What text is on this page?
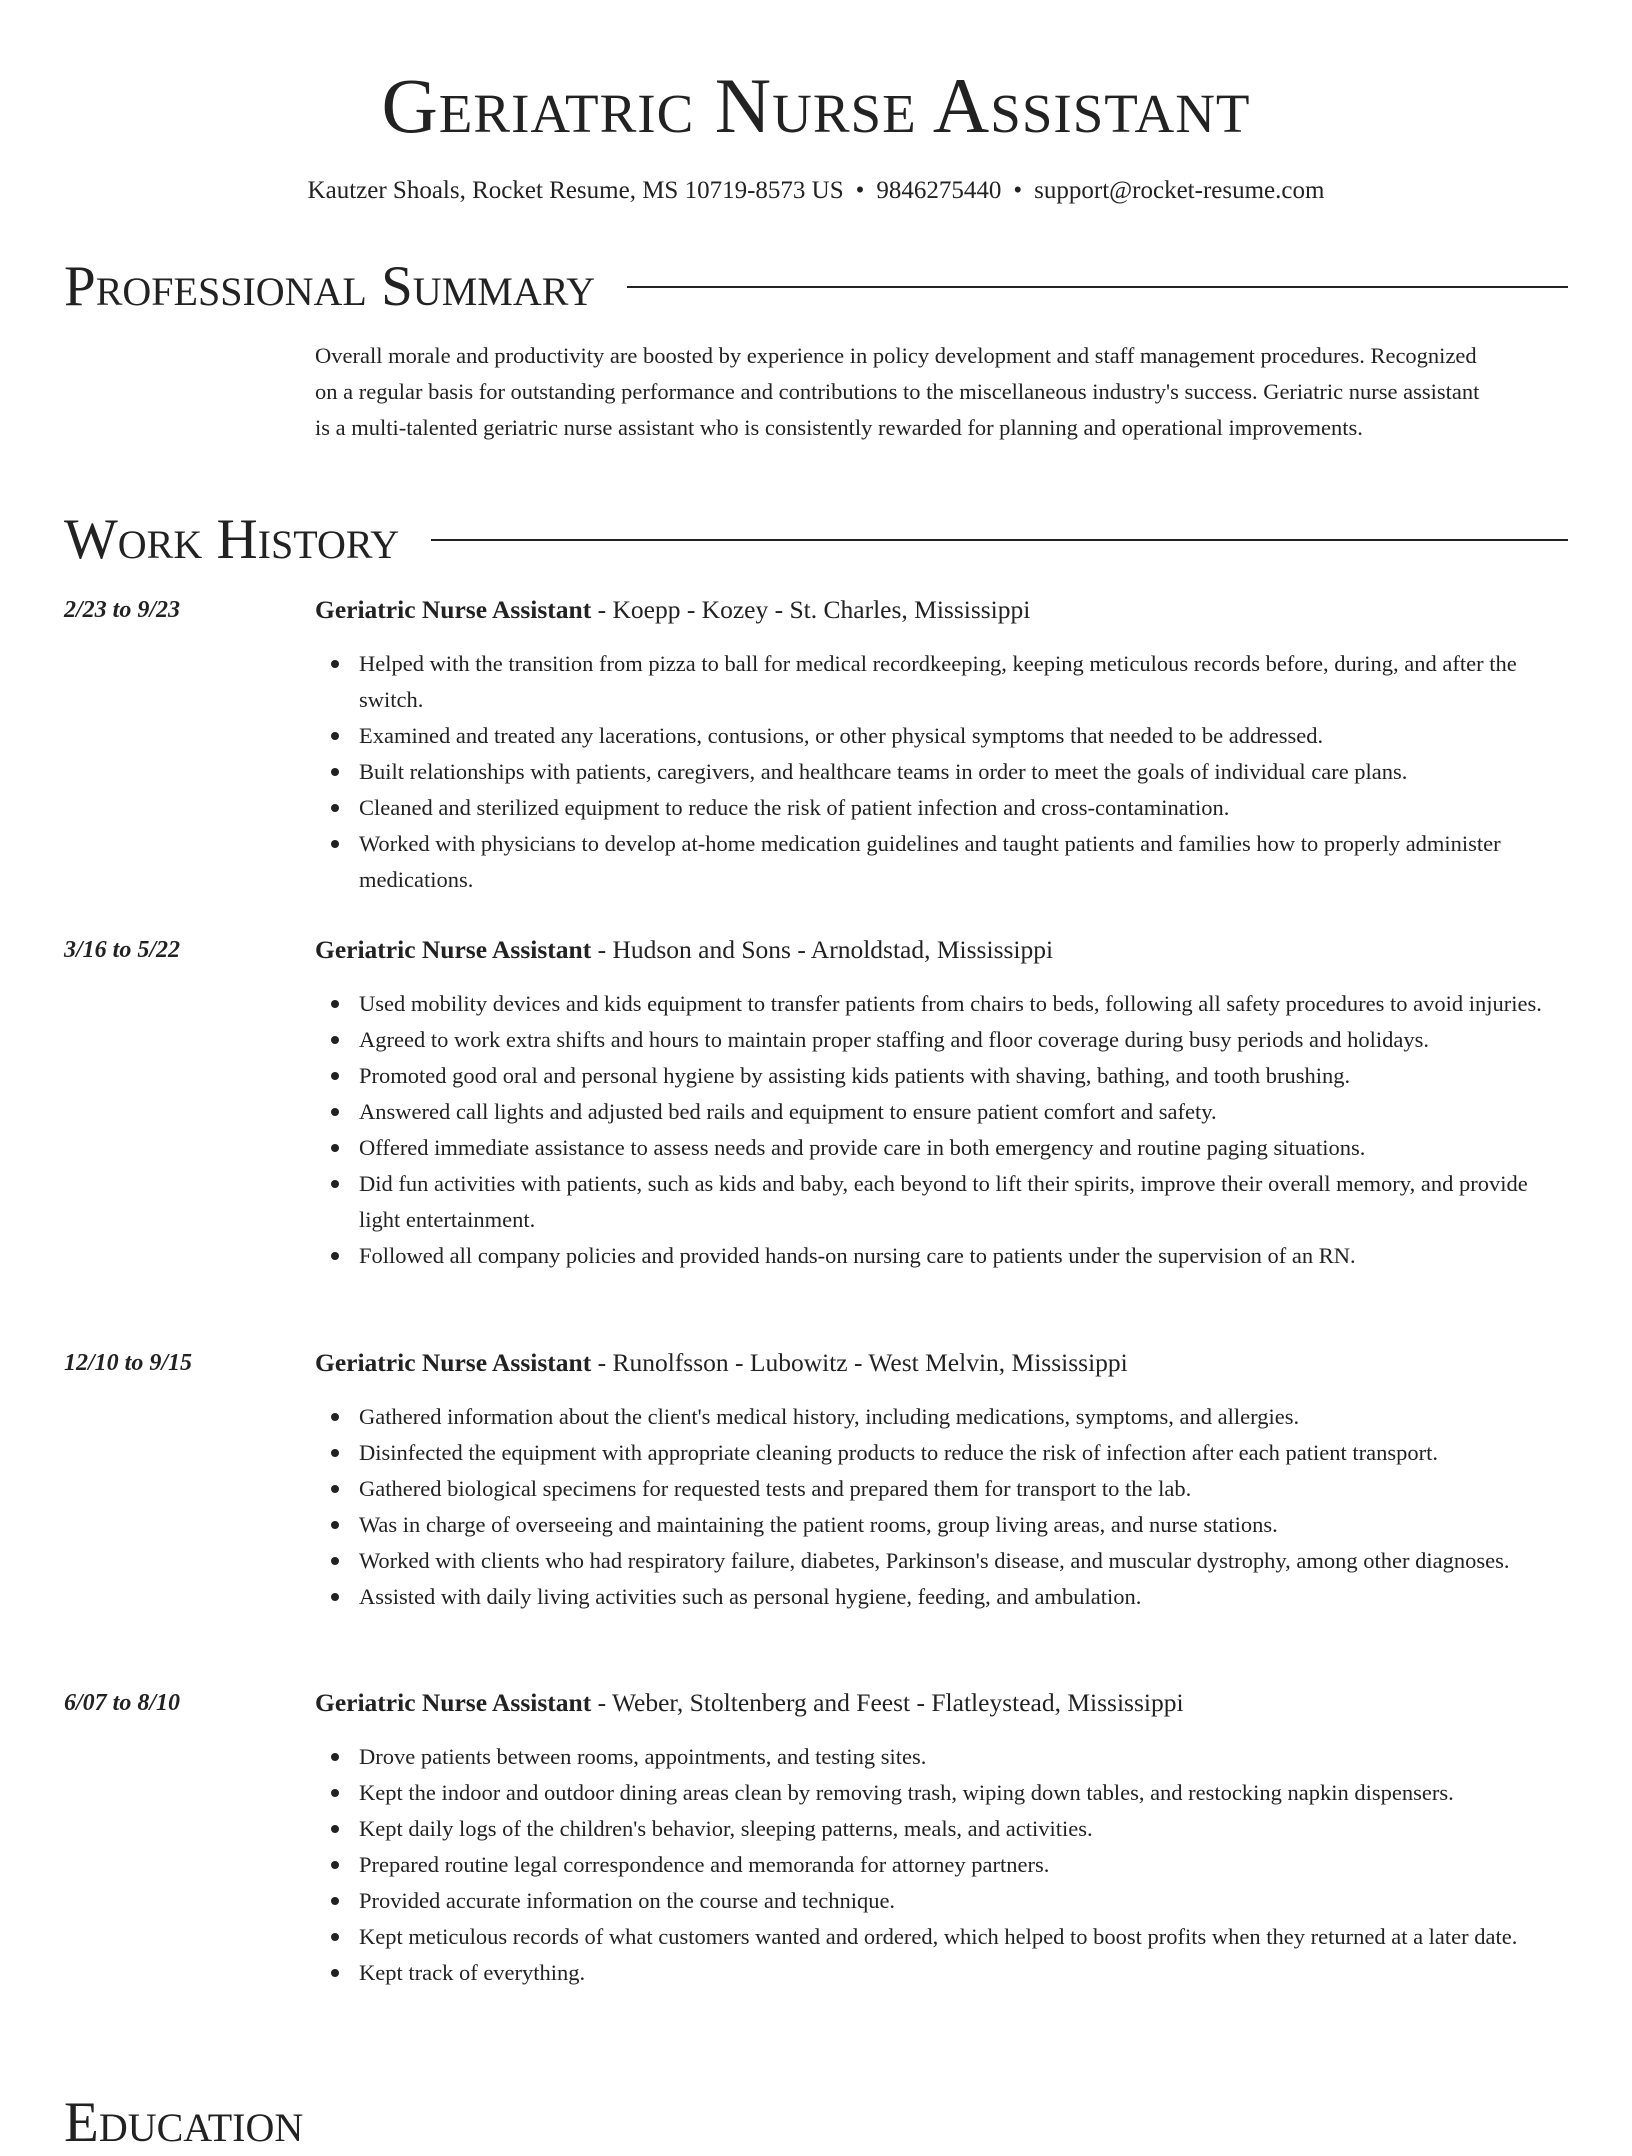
Geriatric Nurse Assistant
Kautzer Shoals, Rocket Resume, MS 10719-8573 US • 9846275440 • support@rocket-resume.com
Professional Summary
Overall morale and productivity are boosted by experience in policy development and staff management procedures. Recognized on a regular basis for outstanding performance and contributions to the miscellaneous industry's success. Geriatric nurse assistant is a multi-talented geriatric nurse assistant who is consistently rewarded for planning and operational improvements.
Work History
2/23 to 9/23	Geriatric Nurse Assistant - Koepp - Kozey - St. Charles, Mississippi
Helped with the transition from pizza to ball for medical recordkeeping, keeping meticulous records before, during, and after the switch.
Examined and treated any lacerations, contusions, or other physical symptoms that needed to be addressed.
Built relationships with patients, caregivers, and healthcare teams in order to meet the goals of individual care plans.
Cleaned and sterilized equipment to reduce the risk of patient infection and cross-contamination.
Worked with physicians to develop at-home medication guidelines and taught patients and families how to properly administer medications.
3/16 to 5/22	Geriatric Nurse Assistant - Hudson and Sons - Arnoldstad, Mississippi
Used mobility devices and kids equipment to transfer patients from chairs to beds, following all safety procedures to avoid injuries.
Agreed to work extra shifts and hours to maintain proper staffing and floor coverage during busy periods and holidays.
Promoted good oral and personal hygiene by assisting kids patients with shaving, bathing, and tooth brushing.
Answered call lights and adjusted bed rails and equipment to ensure patient comfort and safety.
Offered immediate assistance to assess needs and provide care in both emergency and routine paging situations.
Did fun activities with patients, such as kids and baby, each beyond to lift their spirits, improve their overall memory, and provide light entertainment.
Followed all company policies and provided hands-on nursing care to patients under the supervision of an RN.
12/10 to 9/15	Geriatric Nurse Assistant - Runolfsson - Lubowitz - West Melvin, Mississippi
Gathered information about the client's medical history, including medications, symptoms, and allergies.
Disinfected the equipment with appropriate cleaning products to reduce the risk of infection after each patient transport.
Gathered biological specimens for requested tests and prepared them for transport to the lab.
Was in charge of overseeing and maintaining the patient rooms, group living areas, and nurse stations.
Worked with clients who had respiratory failure, diabetes, Parkinson's disease, and muscular dystrophy, among other diagnoses.
Assisted with daily living activities such as personal hygiene, feeding, and ambulation.
6/07 to 8/10	Geriatric Nurse Assistant - Weber, Stoltenberg and Feest - Flatleystead, Mississippi
Drove patients between rooms, appointments, and testing sites.
Kept the indoor and outdoor dining areas clean by removing trash, wiping down tables, and restocking napkin dispensers.
Kept daily logs of the children's behavior, sleeping patterns, meals, and activities.
Prepared routine legal correspondence and memoranda for attorney partners.
Provided accurate information on the course and technique.
Kept meticulous records of what customers wanted and ordered, which helped to boost profits when they returned at a later date.
Kept track of everything.
Education
